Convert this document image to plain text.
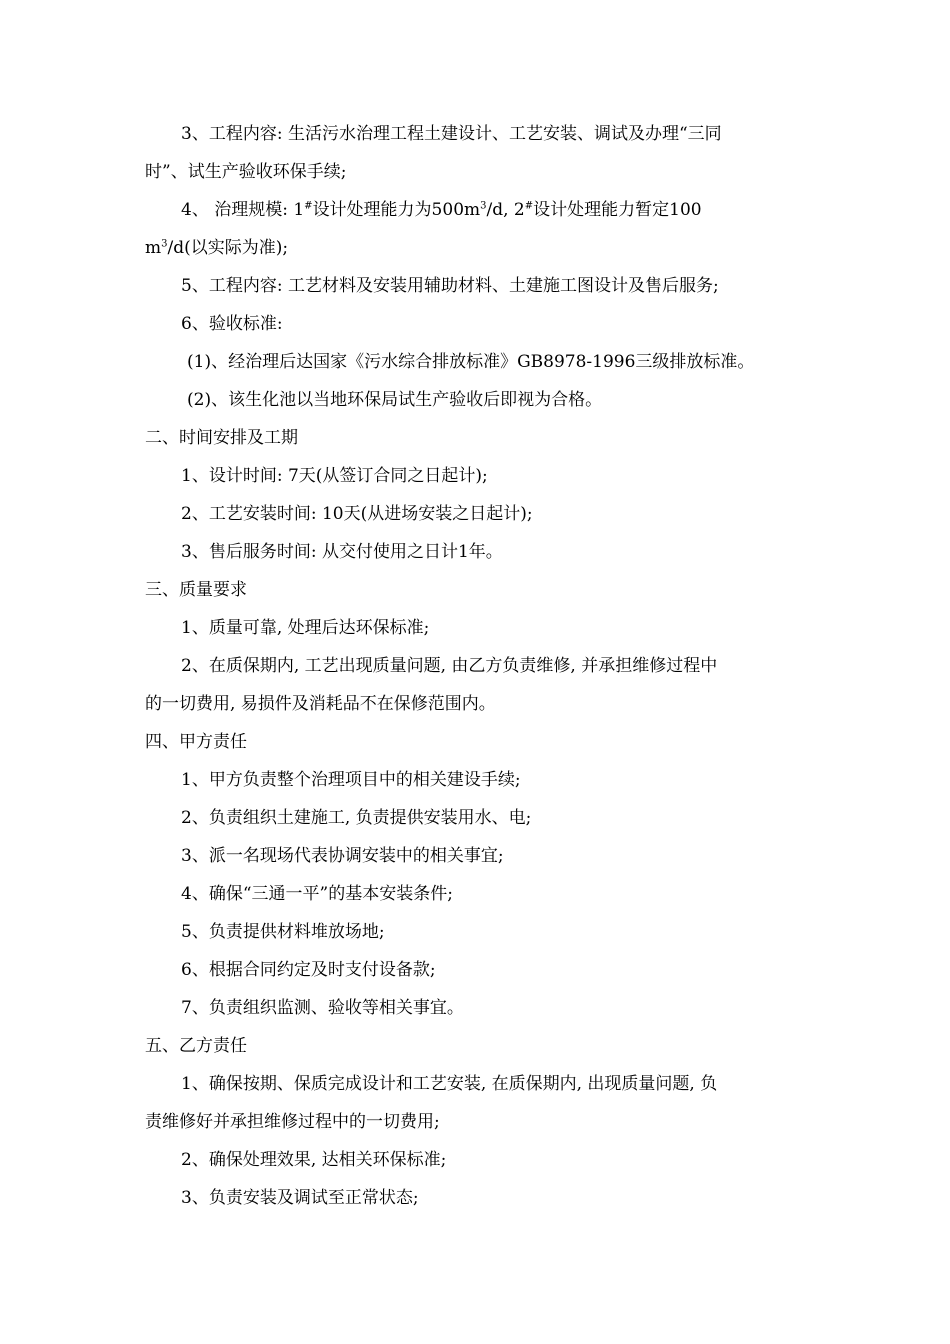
3、工程内容: 生活污水治理工程土建设计、工艺安装、调试及办理“三同
时”、试生产验收环保手续;
4、 治理规模: 1#设计处理能力为$500m^3/d$, 2#设计处理能力暂定100
$m^3/d$(以实际为准);
5、工程内容: 工艺材料及安装用辅助材料、土建施工图设计及售后服务;
6、验收标准:
(1)、经治理后达国家《污水综合排放标准》GB8978-1996三级排放标准。
(2)、该生化池以当地环保局试生产验收后即视为合格。
二、时间安排及工期
1、设计时间: 7天(从签订合同之日起计);
2、工艺安装时间: 10天(从进场安装之日起计);
3、售后服务时间: 从交付使用之日计1年。
三、质量要求
1、质量可靠, 处理后达环保标准;
2、在质保期内, 工艺出现质量问题, 由乙方负责维修, 并承担维修过程中
的一切费用, 易损件及消耗品不在保修范围内。
四、甲方责任
1、甲方负责整个治理项目中的相关建设手续;
2、负责组织土建施工, 负责提供安装用水、电;
3、派一名现场代表协调安装中的相关事宜;
4、确保“三通一平”的基本安装条件;
5、负责提供材料堆放场地;
6、根据合同约定及时支付设备款;
7、负责组织监测、验收等相关事宜。
五、乙方责任
1、确保按期、保质完成设计和工艺安装, 在质保期内, 出现质量问题, 负
责维修好并承担维修过程中的一切费用;
2、确保处理效果, 达相关环保标准;
3、负责安装及调试至正常状态;
